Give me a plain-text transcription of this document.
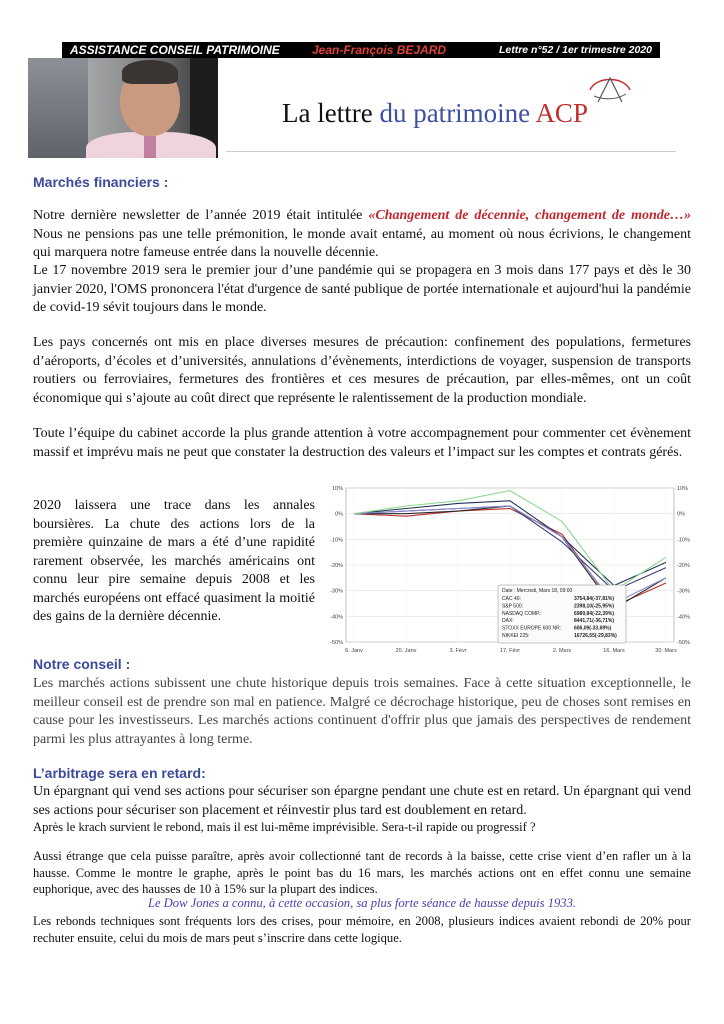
ASSISTANCE CONSEIL PATRIMOINE	Jean-François BEJARD	Lettre n°52 / 1er trimestre 2020
La lettre du patrimoine ACP
Marchés financiers :
Notre dernière newsletter de l’année 2019 était intitulée «Changement de décennie, changement de monde…» Nous ne pensions pas une telle prémonition, le monde avait entamé, au moment où nous écrivions, le changement qui marquera notre fameuse entrée dans la nouvelle décennie.
Le 17 novembre 2019 sera le premier jour d’une pandémie qui se propagera en 3 mois dans 177 pays et dès le 30 janvier 2020, l'OMS prononcera l'état d'urgence de santé publique de portée internationale et aujourd'hui la pandémie de covid-19 sévit toujours dans le monde.
Les pays concernés ont mis en place diverses mesures de précaution: confinement des populations, fermetures d’aéroports, d’écoles et d’universités, annulations d’évènements, interdictions de voyager, suspension de transports routiers ou ferroviaires, fermetures des frontières et ces mesures de précaution, par elles-mêmes, ont un coût économique qui s’ajoute au coût direct que représente le ralentissement de la production mondiale.
Toute l’équipe du cabinet accorde la plus grande attention à votre accompagnement pour commenter cet évènement massif et imprévu mais ne peut que constater la destruction des valeurs et l’impact sur les comptes et contrats gérés.
2020 laissera une trace dans les annales boursières. La chute des actions lors de la première quinzaine de mars a été d’une rapidité rarement observée, les marchés américains ont connu leur pire semaine depuis 2008 et les marchés européens ont effacé quasiment la moitié des gains de la dernière décennie.
10%	10%
0%	0%
-10%	-10%
-20%	-20%
-30%	-30%
-40%	-40%
-50%	-50%
6. Janv	20. Janv	3. Févr	17. Févr	2. Mars	16. Mars	30. Mars
Date : Mercredi, Mars 18, 09:00
CAC 40:	3754,84(-37,81%)
S&P 500:	2398,10(-25,95%)
NASDAQ COMP.:	6989,84(-22,39%)
DAX:	8441,71(-36,71%)
STOXX EUROPE 600 NR:	606,09(-33,69%)
NIKKEI 225:	16726,55(-29,83%)
Notre conseil :
Les marchés actions subissent une chute historique depuis trois semaines. Face à cette situation exceptionnelle, le meilleur conseil est de prendre son mal en patience. Malgré ce décrochage historique, peu de choses sont remises en cause pour les investisseurs. Les marchés actions continuent d'offrir plus que jamais des perspectives de rendement parmi les plus attrayantes à long terme.
L’arbitrage sera en retard:
Un épargnant qui vend ses actions pour sécuriser son épargne pendant une chute est en retard. Un épargnant qui vend ses actions pour sécuriser son placement et réinvestir plus tard est doublement en retard.
Après le krach survient le rebond, mais il est lui-même imprévisible. Sera-t-il rapide ou progressif ?
Aussi étrange que cela puisse paraître, après avoir collectionné tant de records à la baisse, cette crise vient d’en rafler un à la hausse. Comme le montre le graphe, après le point bas du 16 mars, les marchés actions ont en effet connu une semaine euphorique, avec des hausses de 10 à 15% sur la plupart des indices.
Le Dow Jones a connu, à cette occasion, sa plus forte séance de hausse depuis 1933.
Les rebonds techniques sont fréquents lors des crises, pour mémoire, en 2008, plusieurs indices avaient rebondi de 20% pour rechuter ensuite, celui du mois de mars peut s’inscrire dans cette logique.
